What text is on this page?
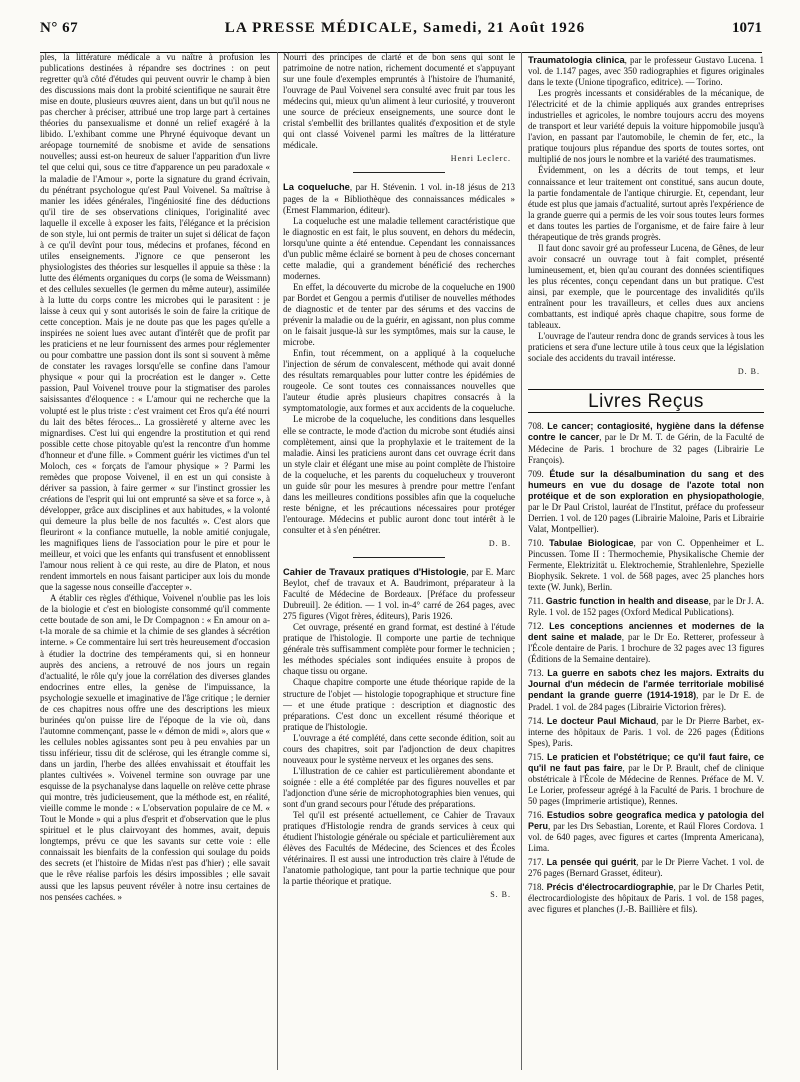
N° 67	LA PRESSE MÉDICALE, Samedi, 21 Août 1926	1071

ples, la littérature médicale a vu naître à profusion les publications destinées à répandre ses doctrines : on peut regretter qu'à côté d'études qui peuvent ouvrir le champ à bien des discussions mais dont la probité scientifique ne saurait être mise en doute, plusieurs œuvres aient, dans un but qu'il nous ne pas chercher à préciser, attribué une trop large part à certaines théories du pansexualisme et donné un relief exagéré à la libido. L'exhibant comme une Phryné équivoque devant un aréopage tournemité de snobisme et avide de sensations nouvelles; aussi est-on heureux de saluer l'apparition d'un livre tel que celui qui, sous ce titre d'apparence un peu paradoxale « la maladie de l'Amour », porte la signature du grand écrivain, du pénétrant psychologue qu'est Paul Voivenel. Sa maîtrise à manier les idées générales, l'ingéniosité fine des déductions qu'il tire de ses observations cliniques, l'originalité avec laquelle il excelle à exposer les faits, l'élégance et la précision de son style, lui ont permis de traiter un sujet si délicat de façon à ce qu'il devînt pour tous, médecins et profanes, fécond en utiles enseignements. J'ignore ce que penseront les physiologistes des théories sur lesquelles il appuie sa thèse : la lutte des éléments organiques du corps (le soma de Weissmann) et des cellules sexuelles (le germen du même auteur), assimilée à la lutte du corps contre les microbes qui le parasitent : je laisse à ceux qui y sont autorisés le soin de faire la critique de cette conception. Mais je ne doute pas que les pages qu'elle a inspirées ne soient lues avec autant d'intérêt que de profit par les praticiens et ne leur fournissent des armes pour réglementer ou pour combattre une passion dont ils sont si souvent à même de constater les ravages lorsqu'elle se confine dans l'amour physique « pour qui la procréation est le danger ». Cette passion, Paul Voivenel trouve pour la stigmatiser des paroles saisissantes d'éloquence : « L'amour qui ne recherche que la volupté est le plus triste : c'est vraiment cet Eros qu'a été nourri du lait des bêtes féroces... La grossièreté y alterne avec les mignardises. C'est lui qui engendre la prostitution et qui rend possible cette chose pitoyable qu'est la rencontre d'un homme d'honneur et d'une fille. » Comment guérir les victimes d'un tel Moloch, ces « forçats de l'amour physique » ? Parmi les remèdes que propose Voivenel, il en est un qui consiste à dériver sa passion, à faire germer « sur l'instinct grossier les créations de l'esprit qui lui ont emprunté sa sève et sa force », à développer, grâce aux disciplines et aux habitudes, « la volonté qui demeure la plus belle de nos facultés ». C'est alors que fleuriront « la confiance mutuelle, la noble amitié conjugale, les magnifiques liens de l'association pour le pire et pour le meilleur, et voici que les enfants qui transfusent et ennoblissent l'amour nous relient à ce qui reste, au dire de Platon, et nous rendent immortels en nous faisant participer aux lois du monde que la sagesse nous conseille d'accepter ».

A établir ces règles d'éthique, Voivenel n'oublie pas les lois de la biologie et c'est en biologiste consommé qu'il commente cette boutade de son ami, le Dr Compagnon : « En amour on a-t-la morale de sa chimie et la chimie de ses glandes à sécrétion interne. » Ce commentaire lui sert très heureusement d'occasion à étudier la doctrine des tempéraments qui, si en honneur auprès des anciens, a retrouvé de nos jours un regain d'actualité, le rôle qu'y joue la corrélation des diverses glandes endocrines entre elles, la genèse de l'impuissance, la psychologie sexuelle et imaginative de l'âge critique ; le dernier de ces chapitres nous offre une des descriptions les mieux burinées qu'on puisse lire de l'époque de la vie où, dans l'automne commençant, passe le « démon de midi », alors que « les cellules nobles agissantes sont peu à peu envahies par un tissu inférieur, tissu dit de sclérose, qui les étrangle comme si, dans un jardin, l'herbe des allées envahissait et étouffait les plantes cultivées ». Voivenel termine son ouvrage par une esquisse de la psychanalyse dans laquelle on relève cette phrase qui montre, très judicieusement, que la méthode est, en réalité, vieille comme le monde : « L'observation populaire de ce M. « Tout le Monde » qui a plus d'esprit et d'observation que le plus spirituel et le plus clairvoyant des hommes, avait, depuis longtemps, prévu ce que les savants sur cette voie : elle connaissait les bienfaits de la confession qui soulage du poids des secrets (et l'histoire de Midas n'est pas d'hier) ; elle savait que le rêve réalise parfois les désirs impossibles ; elle savait aussi que les lapsus peuvent révéler à notre insu certaines de nos pensées cachées. »

Nourri des principes de clarté et de bon sens qui sont le patrimoine de notre nation, richement documenté et s'appuyant sur une foule d'exemples empruntés à l'histoire de l'humanité, l'ouvrage de Paul Voivenel sera consulté avec fruit par tous les médecins qui, mieux qu'un aliment à leur curiosité, y trouveront une source de précieux enseignements, une source dont le cristal s'embellit des brillantes qualités d'exposition et de style qui ont classé Voivenel parmi les maîtres de la littérature médicale.

Henri Leclerc.

La coqueluche, par H. Stévenin. 1 vol. in-18 jésus de 213 pages de la « Bibliothèque des connaissances médicales » (Ernest Flammarion, éditeur).

La coqueluche est une maladie tellement caractéristique que le diagnostic en est fait, le plus souvent, en dehors du médecin, lorsqu'une quinte a été entendue. Cependant les connaissances d'un public même éclairé se bornent à peu de choses concernant cette maladie, qui a grandement bénéficié des recherches modernes.

En effet, la découverte du microbe de la coqueluche en 1900 par Bordet et Gengou a permis d'utiliser de nouvelles méthodes de diagnostic et de tenter par des sérums et des vaccins de prévenir la maladie ou de la guérir, en agissant, non plus comme on le faisait jusque-là sur les symptômes, mais sur la cause, le microbe.

Enfin, tout récemment, on a appliqué à la coqueluche l'injection de sérum de convalescent, méthode qui avait donné des résultats remarquables pour lutter contre les épidémies de rougeole. Ce sont toutes ces connaissances nouvelles que l'auteur étudie après plusieurs chapitres consacrés à la symptomatologie, aux formes et aux accidents de la coqueluche.

Le microbe de la coqueluche, les conditions dans lesquelles elle se contracte, le mode d'action du microbe sont étudiés ainsi complètement, ainsi que la prophylaxie et le traitement de la maladie. Ainsi les praticiens auront dans cet ouvrage écrit dans un style clair et élégant une mise au point complète de l'histoire de la coqueluche, et les parents du coquelucheux y trouveront un guide sûr pour les mesures à prendre pour mettre l'enfant dans les meilleures conditions possibles afin que la coqueluche reste bénigne, et les précautions nécessaires pour protéger l'entourage. Médecins et public auront donc tout intérêt à le consulter et à s'en pénétrer.

D. B.

Cahier de Travaux pratiques d'Histologie, par E. Marc Beylot, chef de travaux et A. Baudrimont, préparateur à la Faculté de Médecine de Bordeaux. [Préface du professeur Dubreuil]. 2e édition. — 1 vol. in-4° carré de 264 pages, avec 275 figures (Vigot frères, éditeurs), Paris 1926.

Cet ouvrage, présenté en grand format, est destiné à l'étude pratique de l'histologie. Il comporte une partie de technique générale très suffisamment complète pour former le technicien ; les méthodes spéciales sont indiquées ensuite à propos de chaque tissu ou organe.

Chaque chapitre comporte une étude théorique rapide de la structure de l'objet — histologie topographique et structure fine — et une étude pratique : description et diagnostic des préparations. C'est donc un excellent résumé théorique et pratique de l'histologie.

L'ouvrage a été complété, dans cette seconde édition, soit au cours des chapitres, soit par l'adjonction de deux chapitres nouveaux pour le système nerveux et les organes des sens.

L'illustration de ce cahier est particulièrement abondante et soignée : elle a été complétée par des figures nouvelles et par l'adjonction d'une série de microphotographies bien venues, qui sont d'un grand secours pour l'étude des préparations.

Tel qu'il est présenté actuellement, ce Cahier de Travaux pratiques d'Histologie rendra de grands services à ceux qui étudient l'histologie générale ou spéciale et particulièrement aux élèves des Facultés de Médecine, des Sciences et des Écoles vétérinaires. Il est aussi une introduction très claire à l'étude de l'anatomie pathologique, tant pour la partie technique que pour la partie théorique et pratique.

S. B.

Traumatologia clinica, par le professeur Gustavo Lucena. 1 vol. de 1.147 pages, avec 350 radiographies et figures originales dans le texte (Unione tipografico, editrice). — Torino.

Les progrès incessants et considérables de la mécanique, de l'électricité et de la chimie appliqués aux grandes entreprises industrielles et agricoles, le nombre toujours accru des moyens de transport et leur variété depuis la voiture hippomobile jusqu'à l'avion, en passant par l'automobile, le chemin de fer, etc., la pratique toujours plus répandue des sports de toutes sortes, ont multiplié de nos jours le nombre et la variété des traumatismes.

Évidemment, on les a décrits de tout temps, et leur connaissance et leur traitement ont constitué, sans aucun doute, la partie fondamentale de l'antique chirurgie. Et, cependant, leur étude est plus que jamais d'actualité, surtout après l'expérience de la grande guerre qui a permis de les voir sous toutes leurs formes et dans toutes les parties de l'organisme, et de faire faire à leur thérapeutique de très grands progrès.

Il faut donc savoir gré au professeur Lucena, de Gênes, de leur avoir consacré un ouvrage tout à fait complet, présenté lumineusement, et, bien qu'au courant des données scientifiques les plus récentes, conçu cependant dans un but pratique. C'est ainsi, par exemple, que le pourcentage des invalidités qu'ils entraînent pour les travailleurs, et celles dues aux anciens combattants, est indiqué après chaque chapitre, sous forme de tableaux.

L'ouvrage de l'auteur rendra donc de grands services à tous les praticiens et sera d'une lecture utile à tous ceux que la législation sociale des accidents du travail intéresse.

D. B.
Livres Reçus

708. Le cancer; contagiosité, hygiène dans la défense contre le cancer, par le Dr M. T. de Gérin, de la Faculté de Médecine de Paris. 1 brochure de 32 pages (Librairie Le François).

709. Étude sur la désalbumination du sang et des humeurs en vue du dosage de l'azote total non protéique et de son exploration en physiopathologie, par le Dr Paul Cristol, lauréat de l'Institut, préface du professeur Derrien. 1 vol. de 120 pages (Librairie Maloine, Paris et Librairie Valat, Montpellier).

710. Tabulae Biologicae, par von C. Oppenheimer et L. Pincussen. Tome II : Thermochemie, Physikalische Chemie der Fermente, Elektrizität u. Elektrochemie, Strahlenlehre, Spezielle Biophysik. Sekrete. 1 vol. de 568 pages, avec 25 planches hors texte (W. Junk), Berlin.

711. Gastric function in health and disease, par le Dr J. A. Ryle. 1 vol. de 152 pages (Oxford Medical Publications).

712. Les conceptions anciennes et modernes de la dent saine et malade, par le Dr Eo. Retterer, professeur à l'École dentaire de Paris. 1 brochure de 32 pages avec 13 figures (Éditions de la Semaine dentaire).

713. La guerre en sabots chez les majors. Extraits du Journal d'un médecin de l'armée territoriale mobilisé pendant la grande guerre (1914-1918), par le Dr E. de Pradel. 1 vol. de 284 pages (Librairie Victorion frères).

714. Le docteur Paul Michaud, par le Dr Pierre Barbet, ex-interne des hôpitaux de Paris. 1 vol. de 226 pages (Éditions Spes), Paris.

715. Le praticien et l'obstétrique; ce qu'il faut faire, ce qu'il ne faut pas faire, par le Dr P. Brault, chef de clinique obstétricale à l'École de Médecine de Rennes. Préface de M. V. Le Lorier, professeur agrégé à la Faculté de Paris. 1 brochure de 50 pages (Imprimerie artistique), Rennes.

716. Estudios sobre geografica medica y patologia del Peru, par les Drs Sebastian, Lorente, et Raúl Flores Cordova. 1 vol. de 640 pages, avec figures et cartes (Imprenta Americana), Lima.

717. La pensée qui guérit, par le Dr Pierre Vachet. 1 vol. de 276 pages (Bernard Grasset, éditeur).

718. Précis d'électrocardiographie, par le Dr Charles Petit, électrocardiologiste des hôpitaux de Paris. 1 vol. de 158 pages, avec figures et planches (J.-B. Baillière et fils).
